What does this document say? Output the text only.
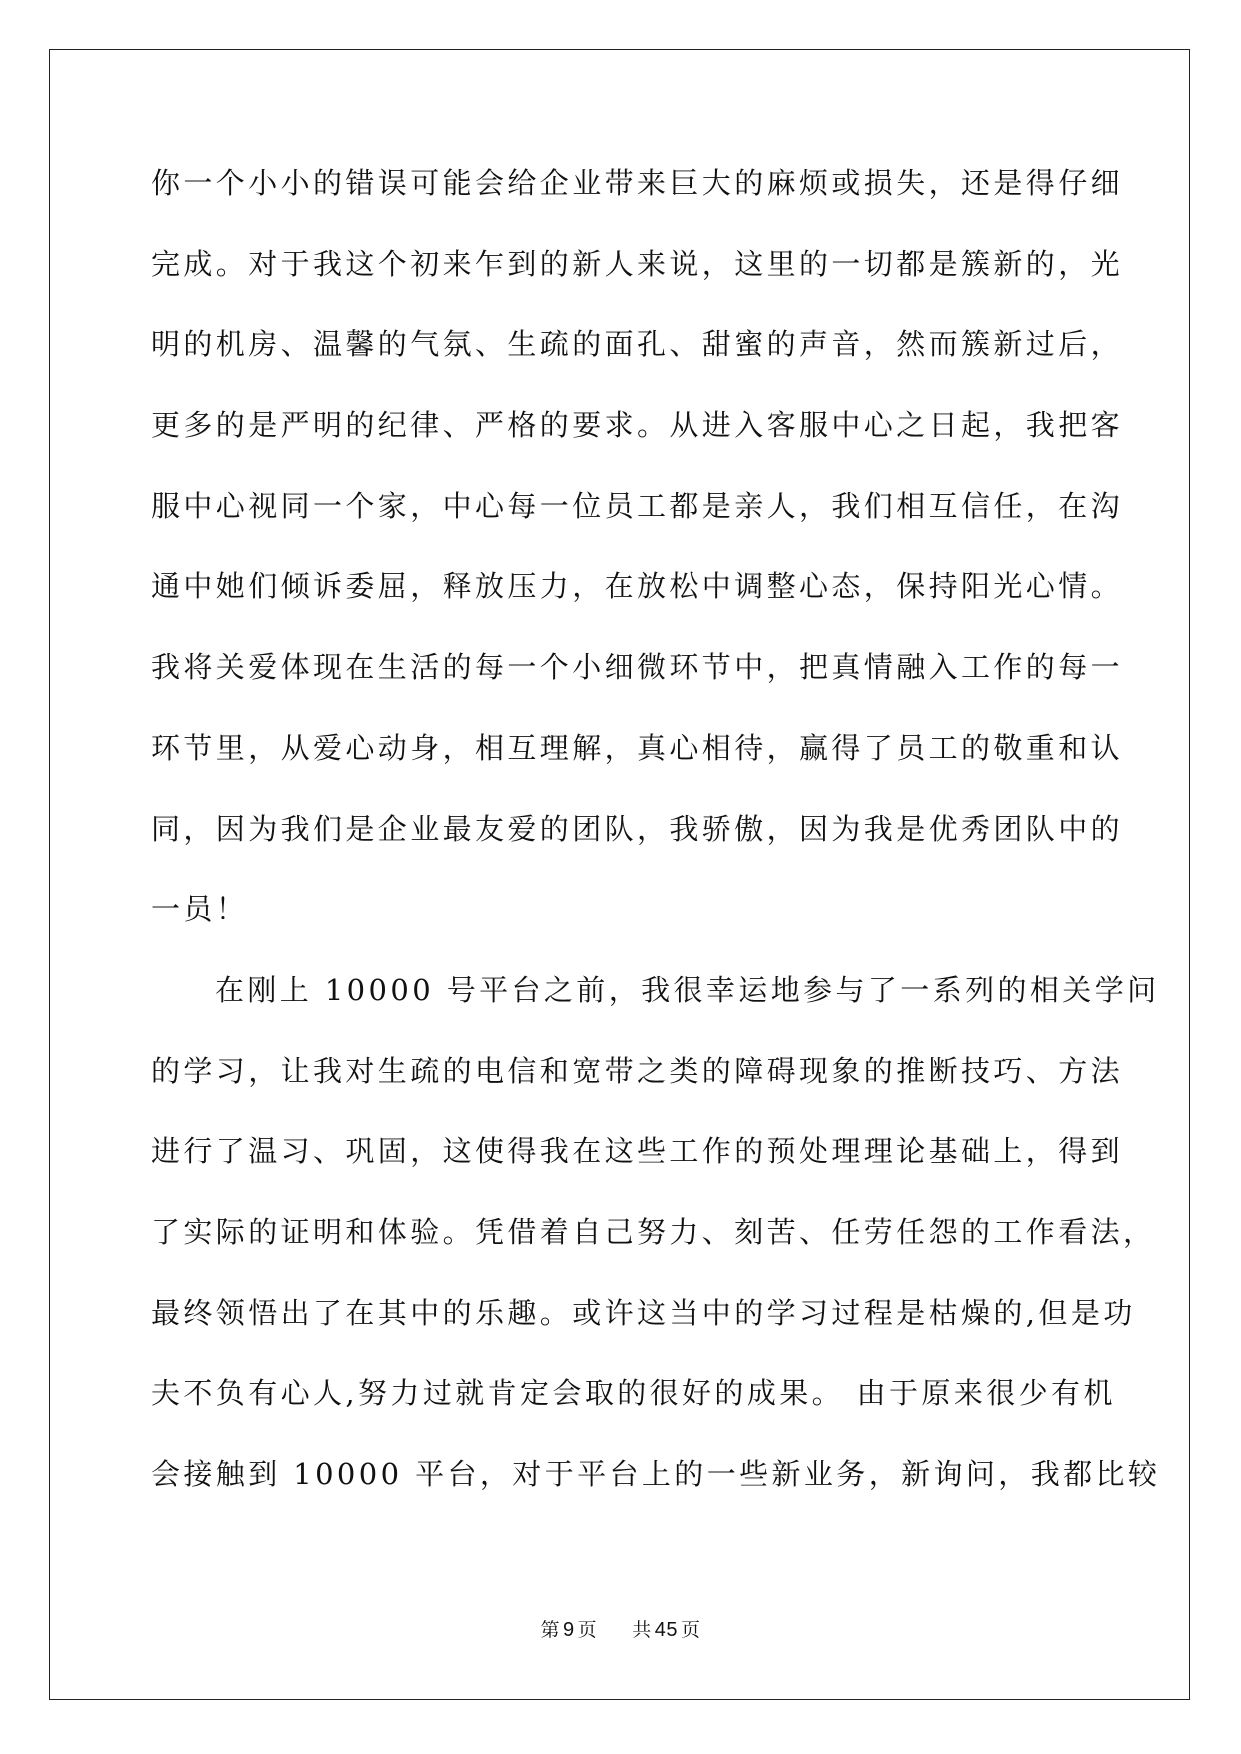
你一个小小的错误可能会给企业带来巨大的麻烦或损失，还是得仔细
完成。对于我这个初来乍到的新人来说，这里的一切都是簇新的，光
明的机房、温馨的气氛、生疏的面孔、甜蜜的声音，然而簇新过后，
更多的是严明的纪律、严格的要求。从进入客服中心之日起，我把客
服中心视同一个家，中心每一位员工都是亲人，我们相互信任，在沟
通中她们倾诉委屈，释放压力，在放松中调整心态，保持阳光心情。
我将关爱体现在生活的每一个小细微环节中，把真情融入工作的每一
环节里，从爱心动身，相互理解，真心相待，赢得了员工的敬重和认
同，因为我们是企业最友爱的团队，我骄傲，因为我是优秀团队中的
一员！
在刚上 10000 号平台之前，我很幸运地参与了一系列的相关学问
的学习，让我对生疏的电信和宽带之类的障碍现象的推断技巧、方法
进行了温习、巩固，这使得我在这些工作的预处理理论基础上，得到
了实际的证明和体验。凭借着自己努力、刻苦、任劳任怨的工作看法，
最终领悟出了在其中的乐趣。或许这当中的学习过程是枯燥的,但是功
夫不负有心人,努力过就肯定会取的很好的成果。 由于原来很少有机
会接触到 10000 平台，对于平台上的一些新业务，新询问，我都比较
第 9 页 共 45 页
